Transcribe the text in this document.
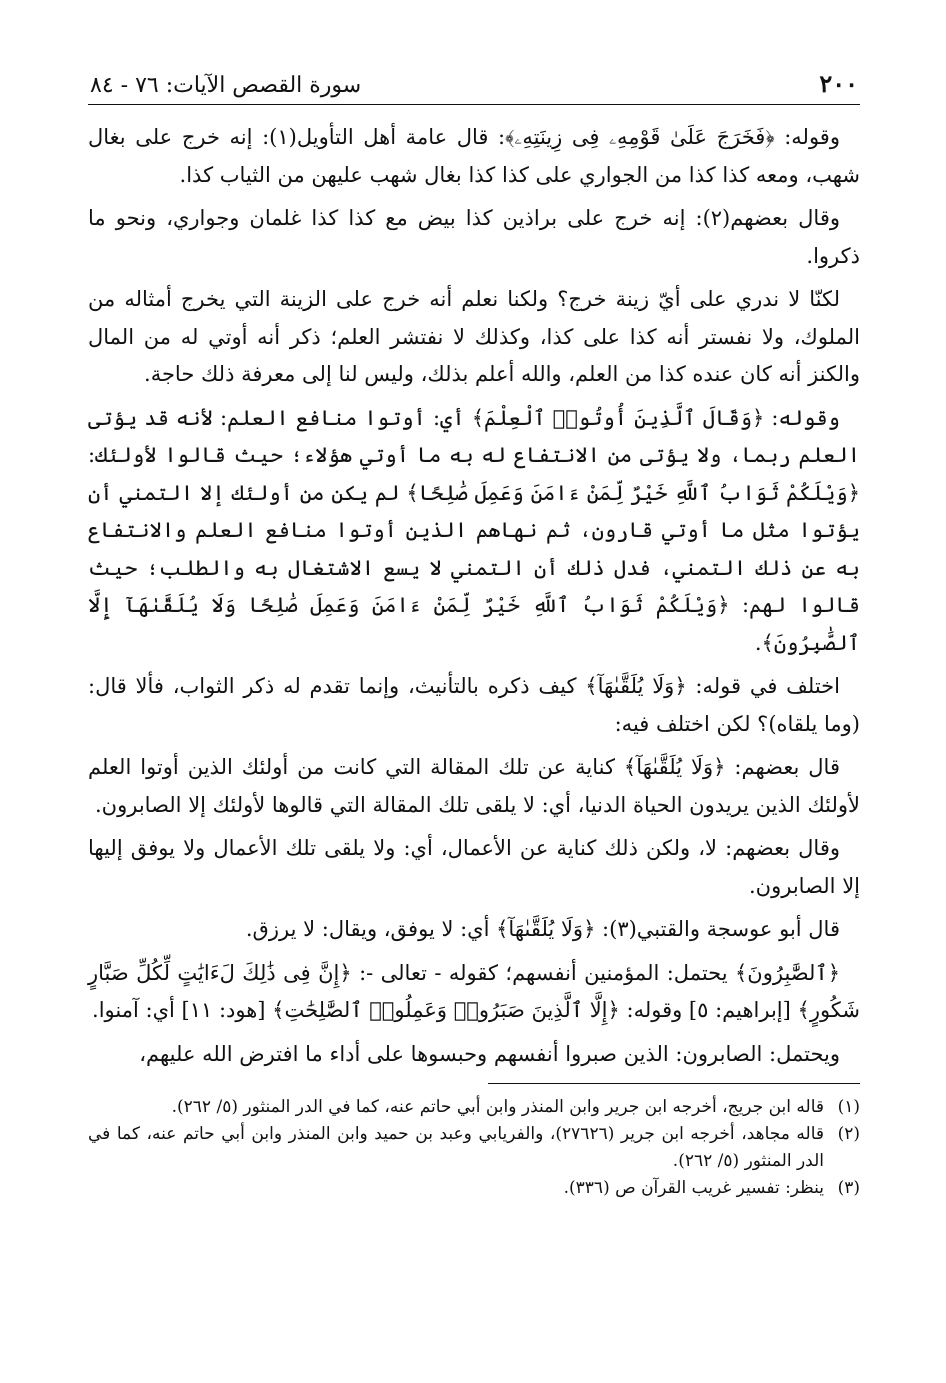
٢٠٠
سورة القصص الآيات: ٧٦ - ٨٤

وقوله: ﴿فَخَرَجَ عَلَىٰ قَوْمِهِۦ فِى زِينَتِهِۦ﴾: قال عامة أهل التأويل(١): إنه خرج على بغال شهب، ومعه كذا كذا من الجواري على كذا كذا بغال شهب عليهن من الثياب كذا.

وقال بعضهم(٢): إنه خرج على براذين كذا بيض مع كذا كذا غلمان وجواري، ونحو ما ذكروا.

لكنّا لا ندري على أيّ زينة خرج؟ ولكنا نعلم أنه خرج على الزينة التي يخرج أمثاله من الملوك، ولا نفستر أنه كذا على كذا، وكذلك لا نفتشر العلم؛ ذكر أنه أوتي له من المال والكنز أنه كان عنده كذا من العلم، والله أعلم بذلك، وليس لنا إلى معرفة ذلك حاجة.

وقوله: ﴿وَقَالَ ٱلَّذِينَ أُوتُوا۟ ٱلْعِلْمَ﴾ أي: أوتوا منافع العلم: لأنه قد يؤتى العلم ربما، ولا يؤتى من الانتفاع له به ما أوتي هؤلاء؛ حيث قالوا لأولئك: ﴿وَيْلَكُمْ ثَوَابُ ٱللَّهِ خَيْرٌ لِّمَنْ ءَامَنَ وَعَمِلَ صَٰلِحًا﴾ لم يكن من أولئك إلا التمني أن يؤتوا مثل ما أوتي قارون، ثم نهاهم الذين أوتوا منافع العلم والانتفاع به عن ذلك التمني، فدل ذلك أن التمني لا يسع الاشتغال به والطلب؛ حيث قالوا لهم: ﴿وَيْلَكُمْ ثَوَابُ ٱللَّهِ خَيْرٌ لِّمَنْ ءَامَنَ وَعَمِلَ صَٰلِحًا وَلَا يُلَقَّىٰهَآ إِلَّا ٱلصَّٰبِرُونَ﴾.

اختلف في قوله: ﴿وَلَا يُلَقَّىٰهَآ﴾ كيف ذكره بالتأنيث، وإنما تقدم له ذكر الثواب، فألا قال: (وما يلقاه)؟ لكن اختلف فيه:

قال بعضهم: ﴿وَلَا يُلَقَّىٰهَآ﴾ كناية عن تلك المقالة التي كانت من أولئك الذين أوتوا العلم لأولئك الذين يريدون الحياة الدنيا، أي: لا يلقى تلك المقالة التي قالوها لأولئك إلا الصابرون.

وقال بعضهم: لا، ولكن ذلك كناية عن الأعمال، أي: ولا يلقى تلك الأعمال ولا يوفق إليها إلا الصابرون.

قال أبو عوسجة والقتبي(٣): ﴿وَلَا يُلَقَّىٰهَآ﴾ أي: لا يوفق، ويقال: لا يرزق.

﴿ٱلصَّٰبِرُونَ﴾ يحتمل: المؤمنين أنفسهم؛ كقوله - تعالى -: ﴿إِنَّ فِى ذَٰلِكَ لَءَايَٰتٍ لِّكُلِّ صَبَّارٍ شَكُورٍ﴾ [إبراهيم: ٥] وقوله: ﴿إِلَّا ٱلَّذِينَ صَبَرُوا۟ وَعَمِلُوا۟ ٱلصَّٰلِحَٰتِ﴾ [هود: ١١] أي: آمنوا.

ويحتمل: الصابرون: الذين صبروا أنفسهم وحبسوها على أداء ما افترض الله عليهم،

(١)
قاله ابن جريج، أخرجه ابن جرير وابن المنذر وابن أبي حاتم عنه، كما في الدر المنثور (٥/ ٢٦٢).

(٢)
قاله مجاهد، أخرجه ابن جرير (٢٧٦٢٦)، والفريابي وعبد بن حميد وابن المنذر وابن أبي حاتم عنه، كما في الدر المنثور (٥/ ٢٦٢).

(٣)
ينظر: تفسير غريب القرآن ص (٣٣٦).
